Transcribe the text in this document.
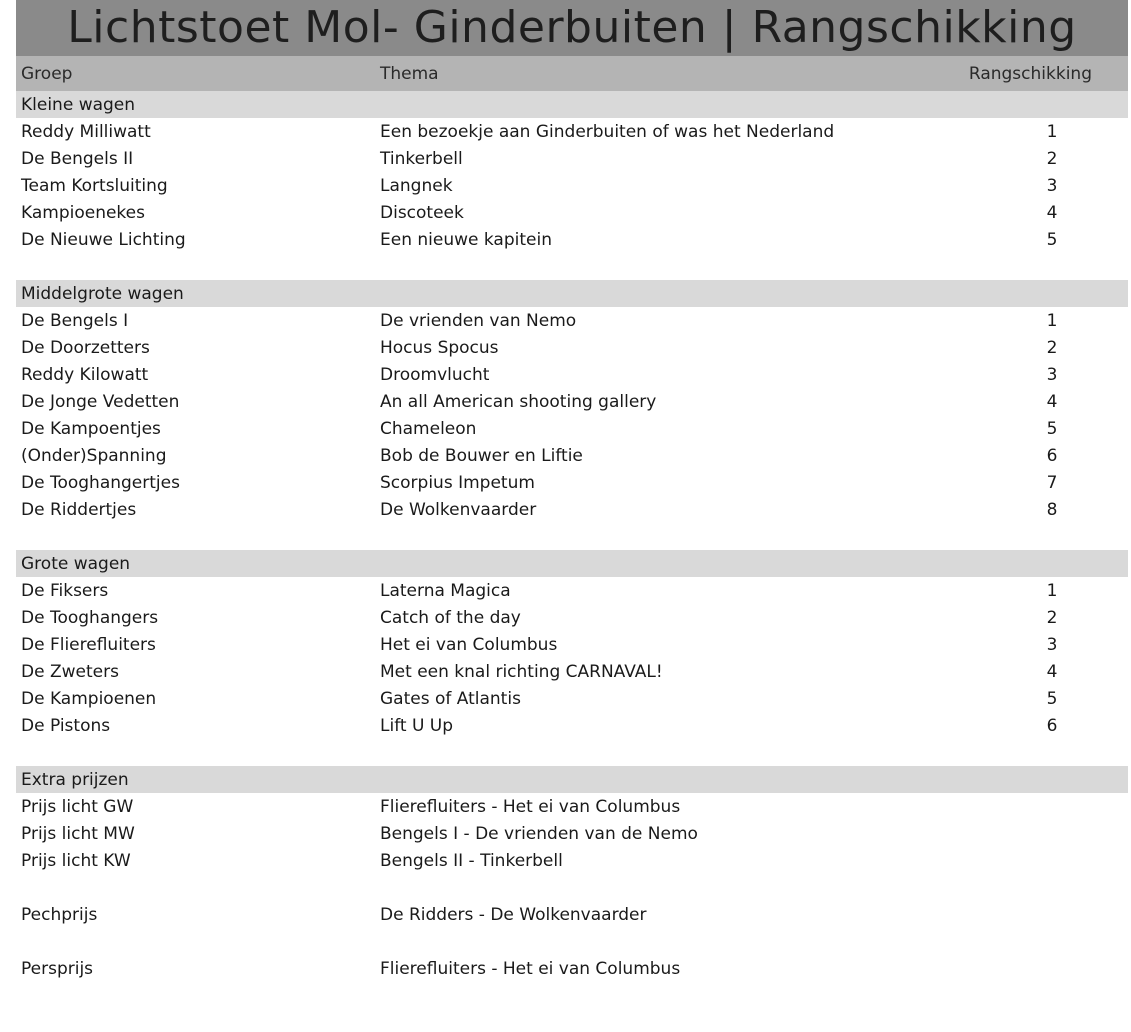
Lichtstoet Mol- Ginderbuiten | Rangschikking
Groep	Thema	Rangschikking
Kleine wagen
Reddy Milliwatt	Een bezoekje aan Ginderbuiten of was het Nederland	1
De Bengels II	Tinkerbell	2
Team Kortsluiting	Langnek	3
Kampioenekes	Discoteek	4
De Nieuwe Lichting	Een nieuwe kapitein	5
Middelgrote wagen
De Bengels I	De vrienden van Nemo	1
De Doorzetters	Hocus Spocus	2
Reddy Kilowatt	Droomvlucht	3
De Jonge Vedetten	An all American shooting gallery	4
De Kampoentjes	Chameleon	5
(Onder)Spanning	Bob de Bouwer en Liftie	6
De Tooghangertjes	Scorpius Impetum	7
De Riddertjes	De Wolkenvaarder	8
Grote wagen
De Fiksers	Laterna Magica	1
De Tooghangers	Catch of the day	2
De Flierefluiters	Het ei van Columbus	3
De Zweters	Met een knal richting CARNAVAL!	4
De Kampioenen	Gates of Atlantis	5
De Pistons	Lift U Up	6
Extra prijzen
Prijs licht GW	Flierefluiters - Het ei van Columbus
Prijs licht MW	Bengels I - De vrienden van de Nemo
Prijs licht KW	Bengels II - Tinkerbell
Pechprijs	De Ridders - De Wolkenvaarder
Persprijs	Flierefluiters - Het ei van Columbus
